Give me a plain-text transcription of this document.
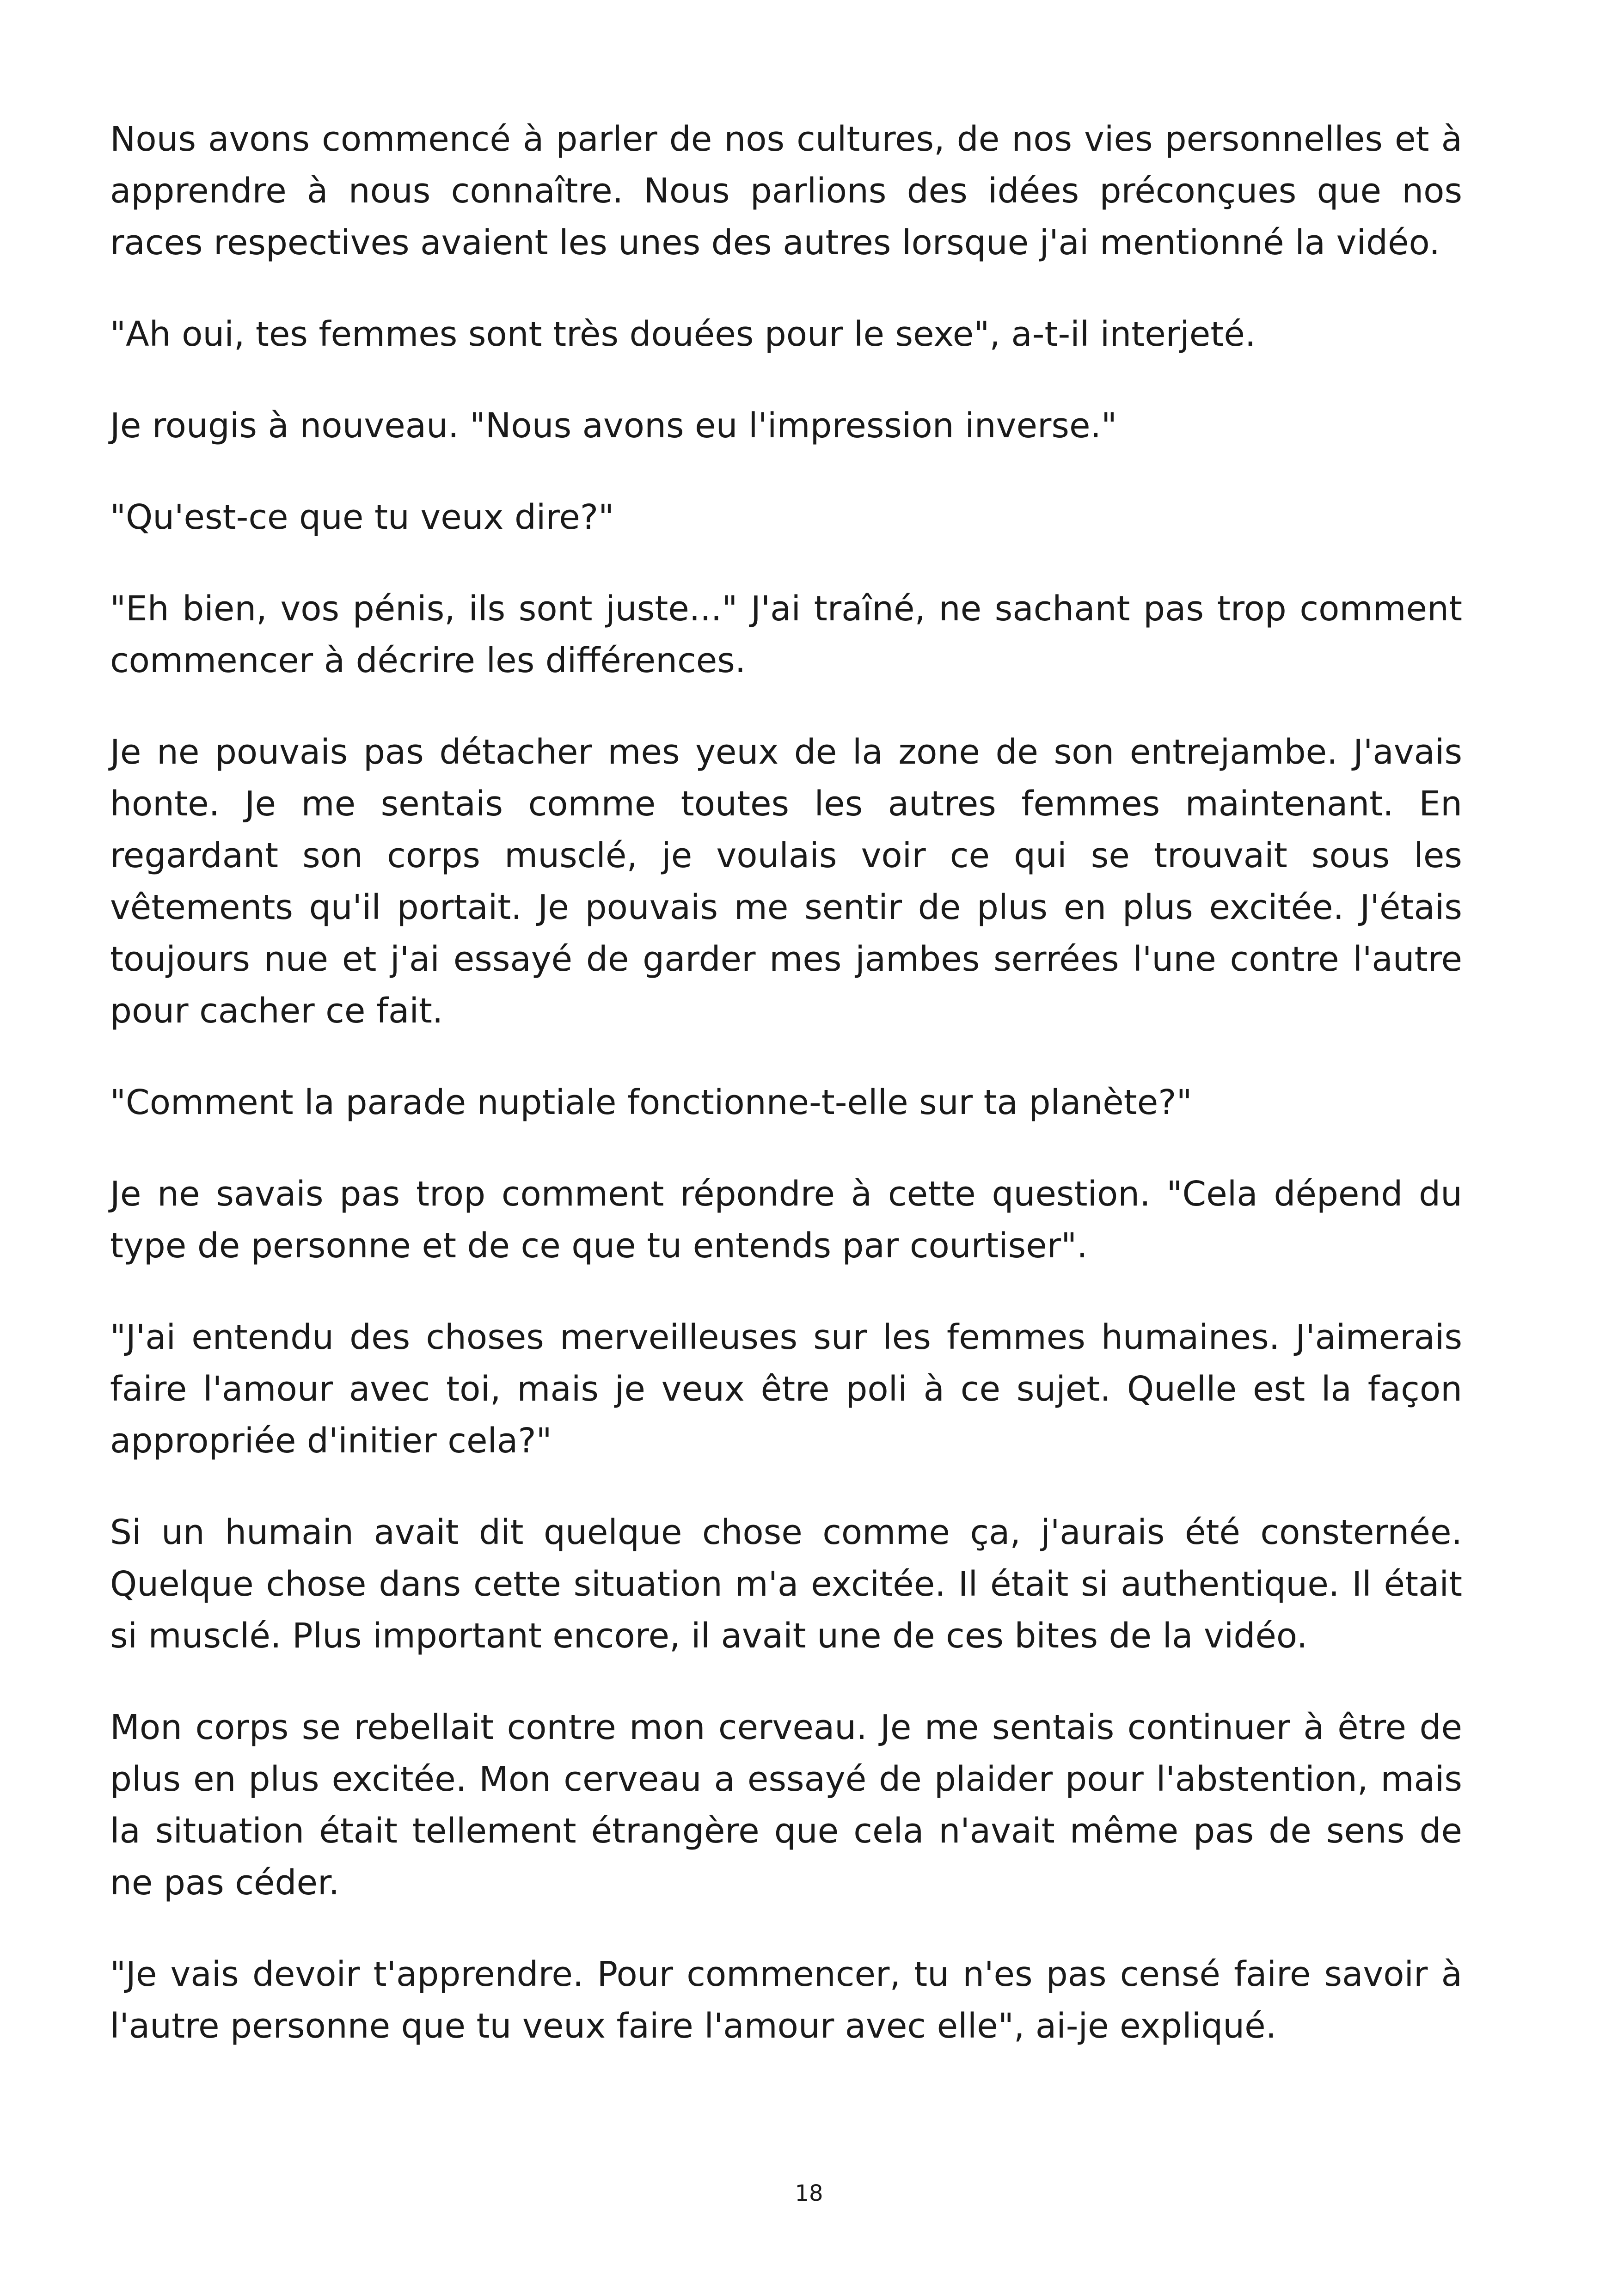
Nous avons commencé à parler de nos cultures, de nos vies personnelles et à apprendre à nous connaître. Nous parlions des idées préconçues que nos races respectives avaient les unes des autres lorsque j'ai mentionné la vidéo.

"Ah oui, tes femmes sont très douées pour le sexe", a-t-il interjeté.

Je rougis à nouveau. "Nous avons eu l'impression inverse."

"Qu'est-ce que tu veux dire?"

"Eh bien, vos pénis, ils sont juste..." J'ai traîné, ne sachant pas trop comment commencer à décrire les différences.

Je ne pouvais pas détacher mes yeux de la zone de son entrejambe. J'avais honte. Je me sentais comme toutes les autres femmes maintenant. En regardant son corps musclé, je voulais voir ce qui se trouvait sous les vêtements qu'il portait. Je pouvais me sentir de plus en plus excitée. J'étais toujours nue et j'ai essayé de garder mes jambes serrées l'une contre l'autre pour cacher ce fait.

"Comment la parade nuptiale fonctionne-t-elle sur ta planète?"

Je ne savais pas trop comment répondre à cette question. "Cela dépend du type de personne et de ce que tu entends par courtiser".

"J'ai entendu des choses merveilleuses sur les femmes humaines. J'aimerais faire l'amour avec toi, mais je veux être poli à ce sujet. Quelle est la façon appropriée d'initier cela?"

Si un humain avait dit quelque chose comme ça, j'aurais été consternée. Quelque chose dans cette situation m'a excitée. Il était si authentique. Il était si musclé. Plus important encore, il avait une de ces bites de la vidéo.

Mon corps se rebellait contre mon cerveau. Je me sentais continuer à être de plus en plus excitée. Mon cerveau a essayé de plaider pour l'abstention, mais la situation était tellement étrangère que cela n'avait même pas de sens de ne pas céder.

"Je vais devoir t'apprendre. Pour commencer, tu n'es pas censé faire savoir à l'autre personne que tu veux faire l'amour avec elle", ai-je expliqué.

18
